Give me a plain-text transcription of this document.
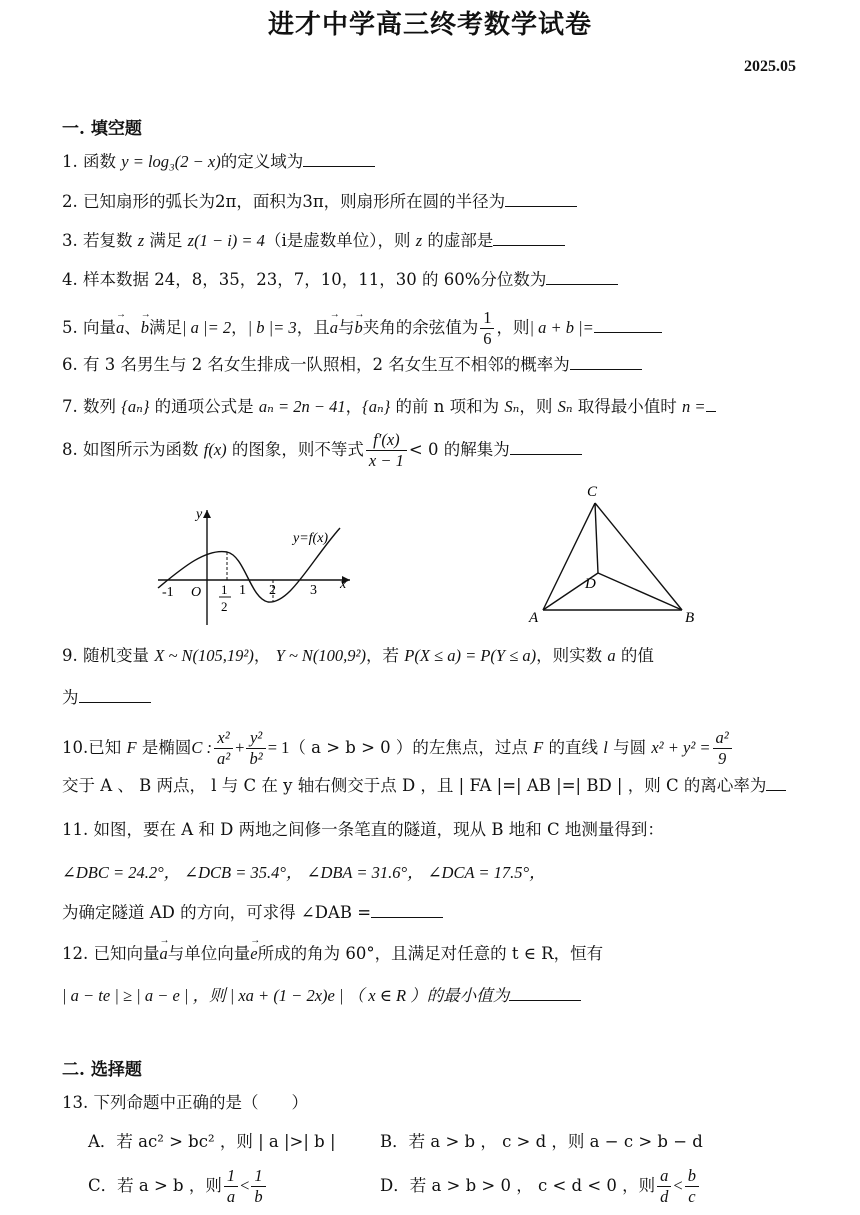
进才中学高三终考数学试卷
2025.05
一. 填空题
1. 函数 y = log₃(2 − x)的定义域为
2. 已知扇形的弧长为2π，面积为3π，则扇形所在圆的半径为
3. 若复数 z 满足 z(1 − i) = 4（i是虚数单位），则 z 的虚部是
4. 样本数据 24，8，35，23，7，10，11，30 的 60%分位数为
5. 向量→ a、→ b满足| a |= 2，| b |= 3，且→ a与→ b夹角的余弦值为 $\frac{1}{6}$ ，则| a + b |=
6. 有 3 名男生与 2 名女生排成一队照相，2 名女生互不相邻的概率为
7. 数列 {aₙ} 的通项公式是 aₙ = 2n − 41，{aₙ} 的前 n 项和为 Sₙ，则 Sₙ 取得最小值时 n =
8. 如图所示为函数 f(x) 的图象，则不等式 $\frac{f'(x)}{x - 1} < 0$ 的解集为
x
y
y=f(x)
O
-1	1
2
1 2 3
C
D
A	B
9. 随机变量 X ~ N(105,19²)， Y ~ N(100,9²)，若 P(X ≤ a) = P(Y ≤ a)，则实数 a 的值
为
10.已知 F 是椭圆C : $\frac{\text{x²}}{\text{a²}} + \frac{\text{y²}}{\text{b²}} = 1$（ a > b > 0 ）的左焦点，过点 F 的直线 l 与圆 $x^2 + y^2 = \frac{\text{a²}}{9}$
交于 A 、 B 两点， l 与 C 在 y 轴右侧交于点 D ，且 | FA |=| AB |=| BD | ，则 C 的离心率为
11. 如图，要在 A 和 D 两地之间修一条笔直的隧道，现从 B 地和 C 地测量得到：
∠DBC = 24.2°， ∠DCB = 35.4°， ∠DBA = 31.6°， ∠DCA = 17.5°，
为确定隧道 AD 的方向，可求得 ∠DAB =
12. 已知向量→ a与单位向量→ e所成的角为 60°，且满足对任意的 t ∈ R，恒有
| a − te | ≥ | a − e | ，则 | xa + (1 − 2x)e | （ x ∈ R ）的最小值为
二. 选择题
13. 下列命题中正确的是（　　）
A．若 ac² > bc² ，则 | a |>| b |	B．若 a > b ， c > d ，则 a − c > b − d
C．若 a > b ，则 $\frac{1}{a} < \frac{1}{b}$	D．若 a > b > 0 ， c < d < 0 ，则 $\frac{a}{d} < \frac{b}{c}$
